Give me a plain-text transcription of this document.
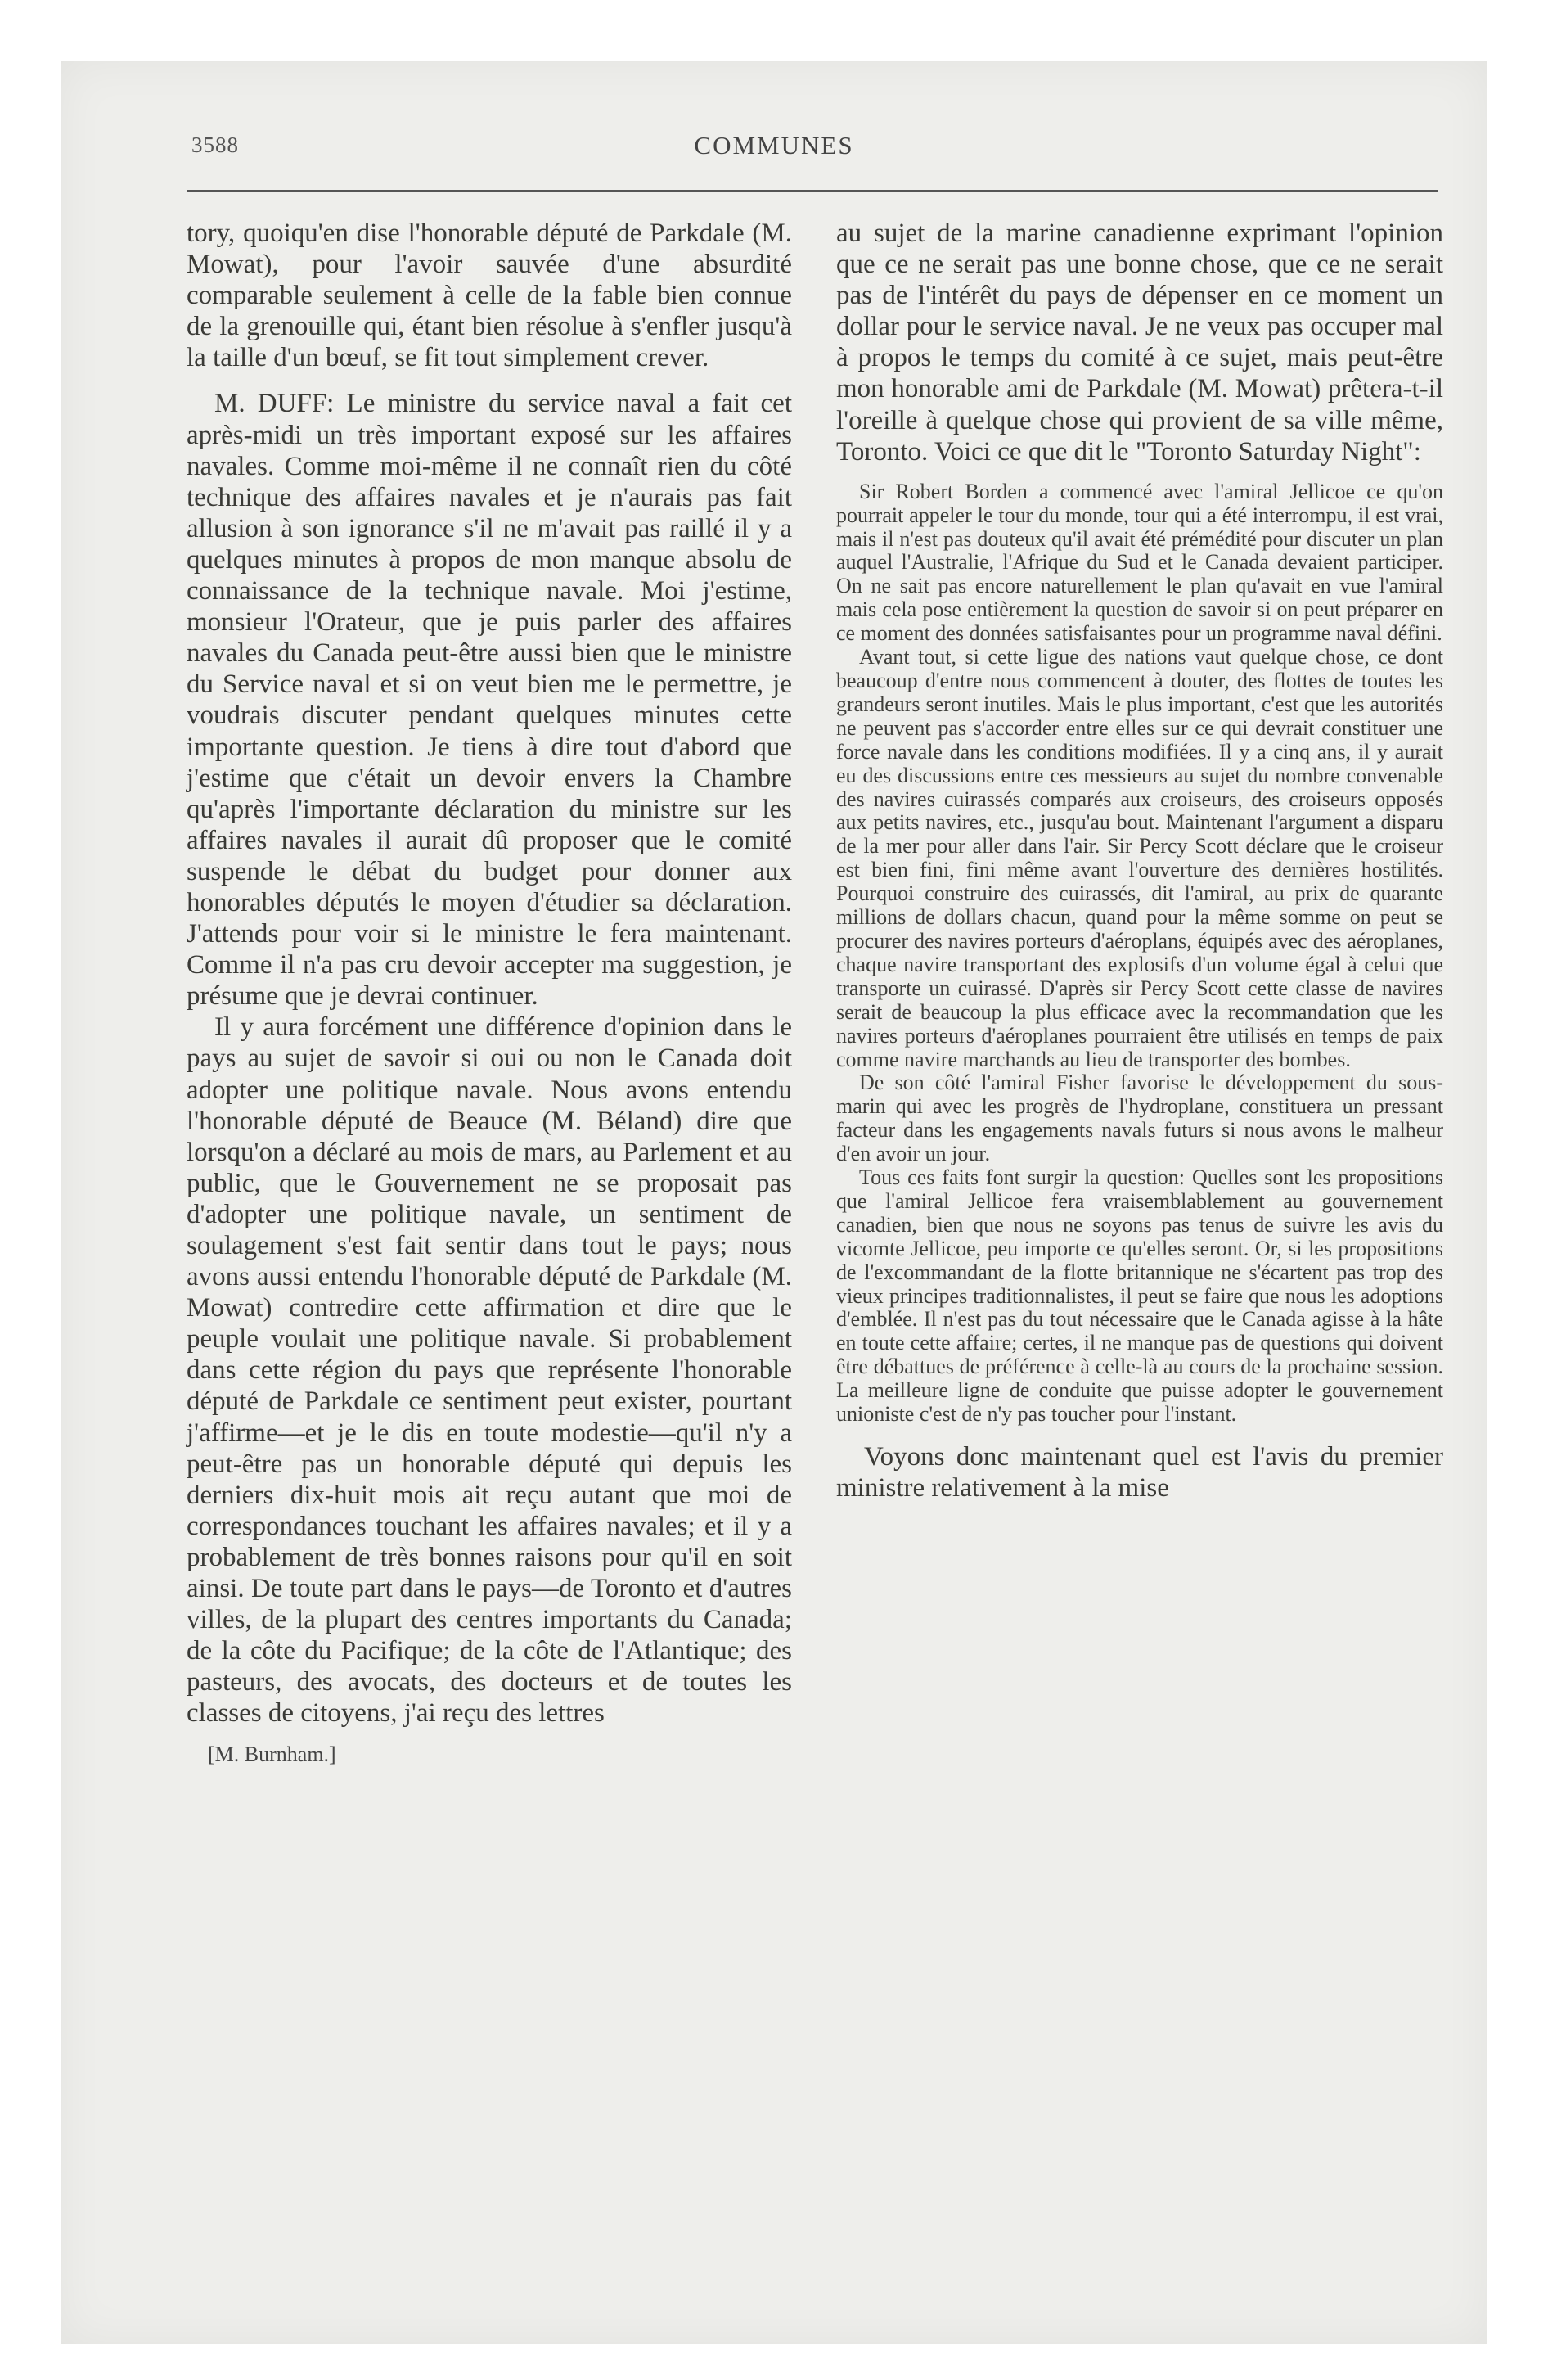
3588	COMMUNES

tory, quoiqu'en dise l'honorable député de Parkdale (M. Mowat), pour l'avoir sauvée d'une absurdité comparable seulement à celle de la fable bien connue de la grenouille qui, étant bien résolue à s'enfler jusqu'à la taille d'un bœuf, se fit tout simplement crever.

M. DUFF: Le ministre du service naval a fait cet après-midi un très important exposé sur les affaires navales. Comme moi-même il ne connaît rien du côté technique des affaires navales et je n'aurais pas fait allusion à son ignorance s'il ne m'avait pas raillé il y a quelques minutes à propos de mon manque absolu de connaissance de la technique navale. Moi j'estime, monsieur l'Orateur, que je puis parler des affaires navales du Canada peut-être aussi bien que le ministre du Service naval et si on veut bien me le permettre, je voudrais discuter pendant quelques minutes cette importante question. Je tiens à dire tout d'abord que j'estime que c'était un devoir envers la Chambre qu'après l'importante déclaration du ministre sur les affaires navales il aurait dû proposer que le comité suspende le débat du budget pour donner aux honorables députés le moyen d'étudier sa déclaration. J'attends pour voir si le ministre le fera maintenant. Comme il n'a pas cru devoir accepter ma suggestion, je présume que je devrai continuer.

Il y aura forcément une différence d'opinion dans le pays au sujet de savoir si oui ou non le Canada doit adopter une politique navale. Nous avons entendu l'honorable député de Beauce (M. Béland) dire que lorsqu'on a déclaré au mois de mars, au Parlement et au public, que le Gouvernement ne se proposait pas d'adopter une politique navale, un sentiment de soulagement s'est fait sentir dans tout le pays; nous avons aussi entendu l'honorable député de Parkdale (M. Mowat) contredire cette affirmation et dire que le peuple voulait une politique navale. Si probablement dans cette région du pays que représente l'honorable député de Parkdale ce sentiment peut exister, pourtant j'affirme—et je le dis en toute modestie—qu'il n'y a peut-être pas un honorable député qui depuis les derniers dix-huit mois ait reçu autant que moi de correspondances touchant les affaires navales; et il y a probablement de très bonnes raisons pour qu'il en soit ainsi. De toute part dans le pays—de Toronto et d'autres villes, de la plupart des centres importants du Canada; de la côte du Pacifique; de la côte de l'Atlantique; des pasteurs, des avocats, des docteurs et de toutes les classes de citoyens, j'ai reçu des lettres

[M. Burnham.]

au sujet de la marine canadienne exprimant l'opinion que ce ne serait pas une bonne chose, que ce ne serait pas de l'intérêt du pays de dépenser en ce moment un dollar pour le service naval. Je ne veux pas occuper mal à propos le temps du comité à ce sujet, mais peut-être mon honorable ami de Parkdale (M. Mowat) prêtera-t-il l'oreille à quelque chose qui provient de sa ville même, Toronto. Voici ce que dit le "Toronto Saturday Night":

Sir Robert Borden a commencé avec l'amiral Jellicoe ce qu'on pourrait appeler le tour du monde, tour qui a été interrompu, il est vrai, mais il n'est pas douteux qu'il avait été prémédité pour discuter un plan auquel l'Australie, l'Afrique du Sud et le Canada devaient participer. On ne sait pas encore naturellement le plan qu'avait en vue l'amiral mais cela pose entièrement la question de savoir si on peut préparer en ce moment des données satisfaisantes pour un programme naval défini.

Avant tout, si cette ligue des nations vaut quelque chose, ce dont beaucoup d'entre nous commencent à douter, des flottes de toutes les grandeurs seront inutiles. Mais le plus important, c'est que les autorités ne peuvent pas s'accorder entre elles sur ce qui devrait constituer une force navale dans les conditions modifiées. Il y a cinq ans, il y aurait eu des discussions entre ces messieurs au sujet du nombre convenable des navires cuirassés comparés aux croiseurs, des croiseurs opposés aux petits navires, etc., jusqu'au bout. Maintenant l'argument a disparu de la mer pour aller dans l'air. Sir Percy Scott déclare que le croiseur est bien fini, fini même avant l'ouverture des dernières hostilités. Pourquoi construire des cuirassés, dit l'amiral, au prix de quarante millions de dollars chacun, quand pour la même somme on peut se procurer des navires porteurs d'aéroplans, équipés avec des aéroplanes, chaque navire transportant des explosifs d'un volume égal à celui que transporte un cuirassé. D'après sir Percy Scott cette classe de navires serait de beaucoup la plus efficace avec la recommandation que les navires porteurs d'aéroplanes pourraient être utilisés en temps de paix comme navire marchands au lieu de transporter des bombes.

De son côté l'amiral Fisher favorise le développement du sous-marin qui avec les progrès de l'hydroplane, constituera un pressant facteur dans les engagements navals futurs si nous avons le malheur d'en avoir un jour.

Tous ces faits font surgir la question: Quelles sont les propositions que l'amiral Jellicoe fera vraisemblablement au gouvernement canadien, bien que nous ne soyons pas tenus de suivre les avis du vicomte Jellicoe, peu importe ce qu'elles seront. Or, si les propositions de l'excommandant de la flotte britannique ne s'écartent pas trop des vieux principes traditionnalistes, il peut se faire que nous les adoptions d'emblée. Il n'est pas du tout nécessaire que le Canada agisse à la hâte en toute cette affaire; certes, il ne manque pas de questions qui doivent être débattues de préférence à celle-là au cours de la prochaine session. La meilleure ligne de conduite que puisse adopter le gouvernement unioniste c'est de n'y pas toucher pour l'instant.

Voyons donc maintenant quel est l'avis du premier ministre relativement à la mise
